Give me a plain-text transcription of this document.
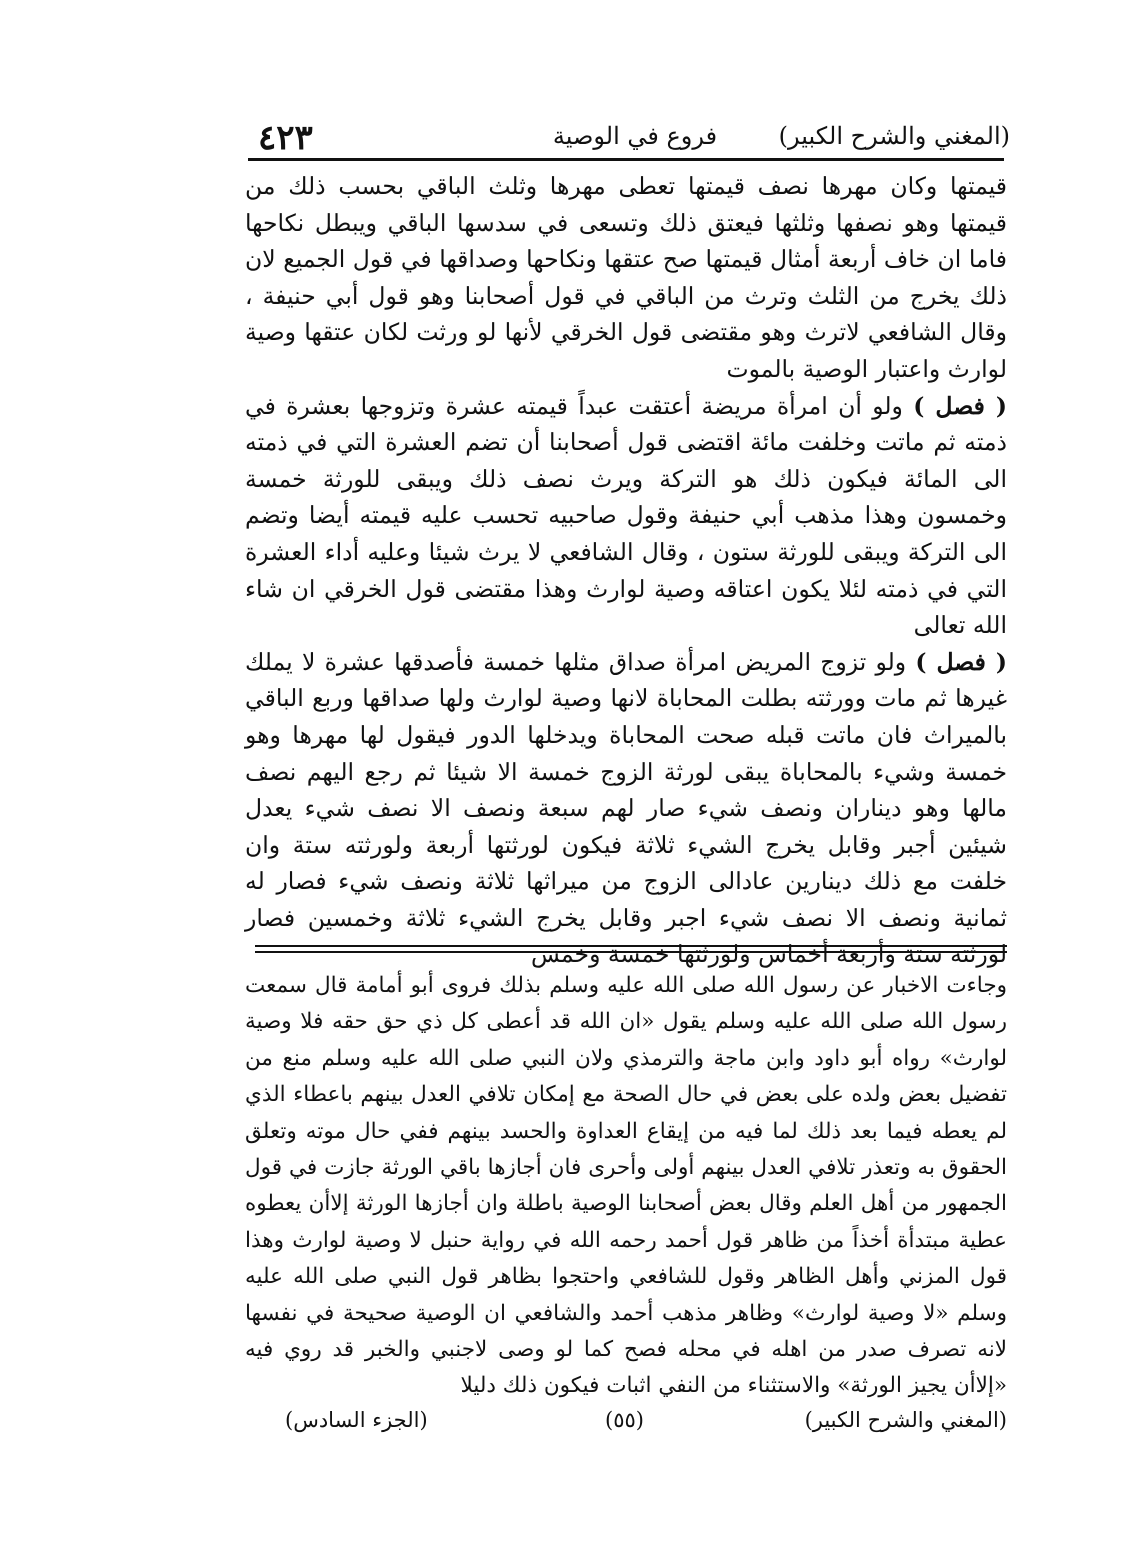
٤٢٣	فروع في الوصية	(المغني والشرح الكبير)

قيمتها وكان مهرها نصف قيمتها تعطى مهرها وثلث الباقي بحسب ذلك من قيمتها وهو نصفها وثلثها فيعتق ذلك وتسعى في سدسها الباقي ويبطل نكاحها فاما ان خاف أربعة أمثال قيمتها صح عتقها ونكاحها وصداقها في قول الجميع لان ذلك يخرج من الثلث وترث من الباقي في قول أصحابنا وهو قول أبي حنيفة ، وقال الشافعي لاترث وهو مقتضى قول الخرقي لأنها لو ورثت لكان عتقها وصية لوارث واعتبار الوصية بالموت

( فصل ) ولو أن امرأة مريضة أعتقت عبداً قيمته عشرة وتزوجها بعشرة في ذمته ثم ماتت وخلفت مائة اقتضى قول أصحابنا أن تضم العشرة التي في ذمته الى المائة فيكون ذلك هو التركة ويرث نصف ذلك ويبقى للورثة خمسة وخمسون وهذا مذهب أبي حنيفة وقول صاحبيه تحسب عليه قيمته أيضا وتضم الى التركة ويبقى للورثة ستون ، وقال الشافعي لا يرث شيئا وعليه أداء العشرة التي في ذمته لئلا يكون اعتاقه وصية لوارث وهذا مقتضى قول الخرقي ان شاء الله تعالى

( فصل ) ولو تزوج المريض امرأة صداق مثلها خمسة فأصدقها عشرة لا يملك غيرها ثم مات وورثته بطلت المحاباة لانها وصية لوارث ولها صداقها وربع الباقي بالميراث فان ماتت قبله صحت المحاباة ويدخلها الدور فيقول لها مهرها وهو خمسة وشيء بالمحاباة يبقى لورثة الزوج خمسة الا شيئا ثم رجع اليهم نصف مالها وهو ديناران ونصف شيء صار لهم سبعة ونصف الا نصف شيء يعدل شيئين أجبر وقابل يخرج الشيء ثلاثة فيكون لورثتها أربعة ولورثته ستة وان خلفت مع ذلك دينارين عادالى الزوج من ميراثها ثلاثة ونصف شيء فصار له ثمانية ونصف الا نصف شيء اجبر وقابل يخرج الشيء ثلاثة وخمسين فصار لورثته ستة وأربعة أخماس ولورثتها خمسة وخمس

وجاءت الاخبار عن رسول الله صلى الله عليه وسلم بذلك فروى أبو أمامة قال سمعت رسول الله صلى الله عليه وسلم يقول «ان الله قد أعطى كل ذي حق حقه فلا وصية لوارث» رواه أبو داود وابن ماجة والترمذي ولان النبي صلى الله عليه وسلم منع من تفضيل بعض ولده على بعض في حال الصحة مع إمكان تلافي العدل بينهم باعطاء الذي لم يعطه فيما بعد ذلك لما فيه من إيقاع العداوة والحسد بينهم ففي حال موته وتعلق الحقوق به وتعذر تلافي العدل بينهم أولى وأحرى فان أجازها باقي الورثة جازت في قول الجمهور من أهل العلم وقال بعض أصحابنا الوصية باطلة وان أجازها الورثة إلاأن يعطوه عطية مبتدأة أخذاً من ظاهر قول أحمد رحمه الله في رواية حنبل لا وصية لوارث وهذا قول المزني وأهل الظاهر وقول للشافعي واحتجوا بظاهر قول النبي صلى الله عليه وسلم «لا وصية لوارث» وظاهر مذهب أحمد والشافعي ان الوصية صحيحة في نفسها لانه تصرف صدر من اهله في محله فصح كما لو وصى لاجنبي والخبر قد روي فيه «إلاأن يجيز الورثة» والاستثناء من النفي اثبات فيكون ذلك دليلا

(المغني والشرح الكبير)
(٥٥)
(الجزء السادس)
